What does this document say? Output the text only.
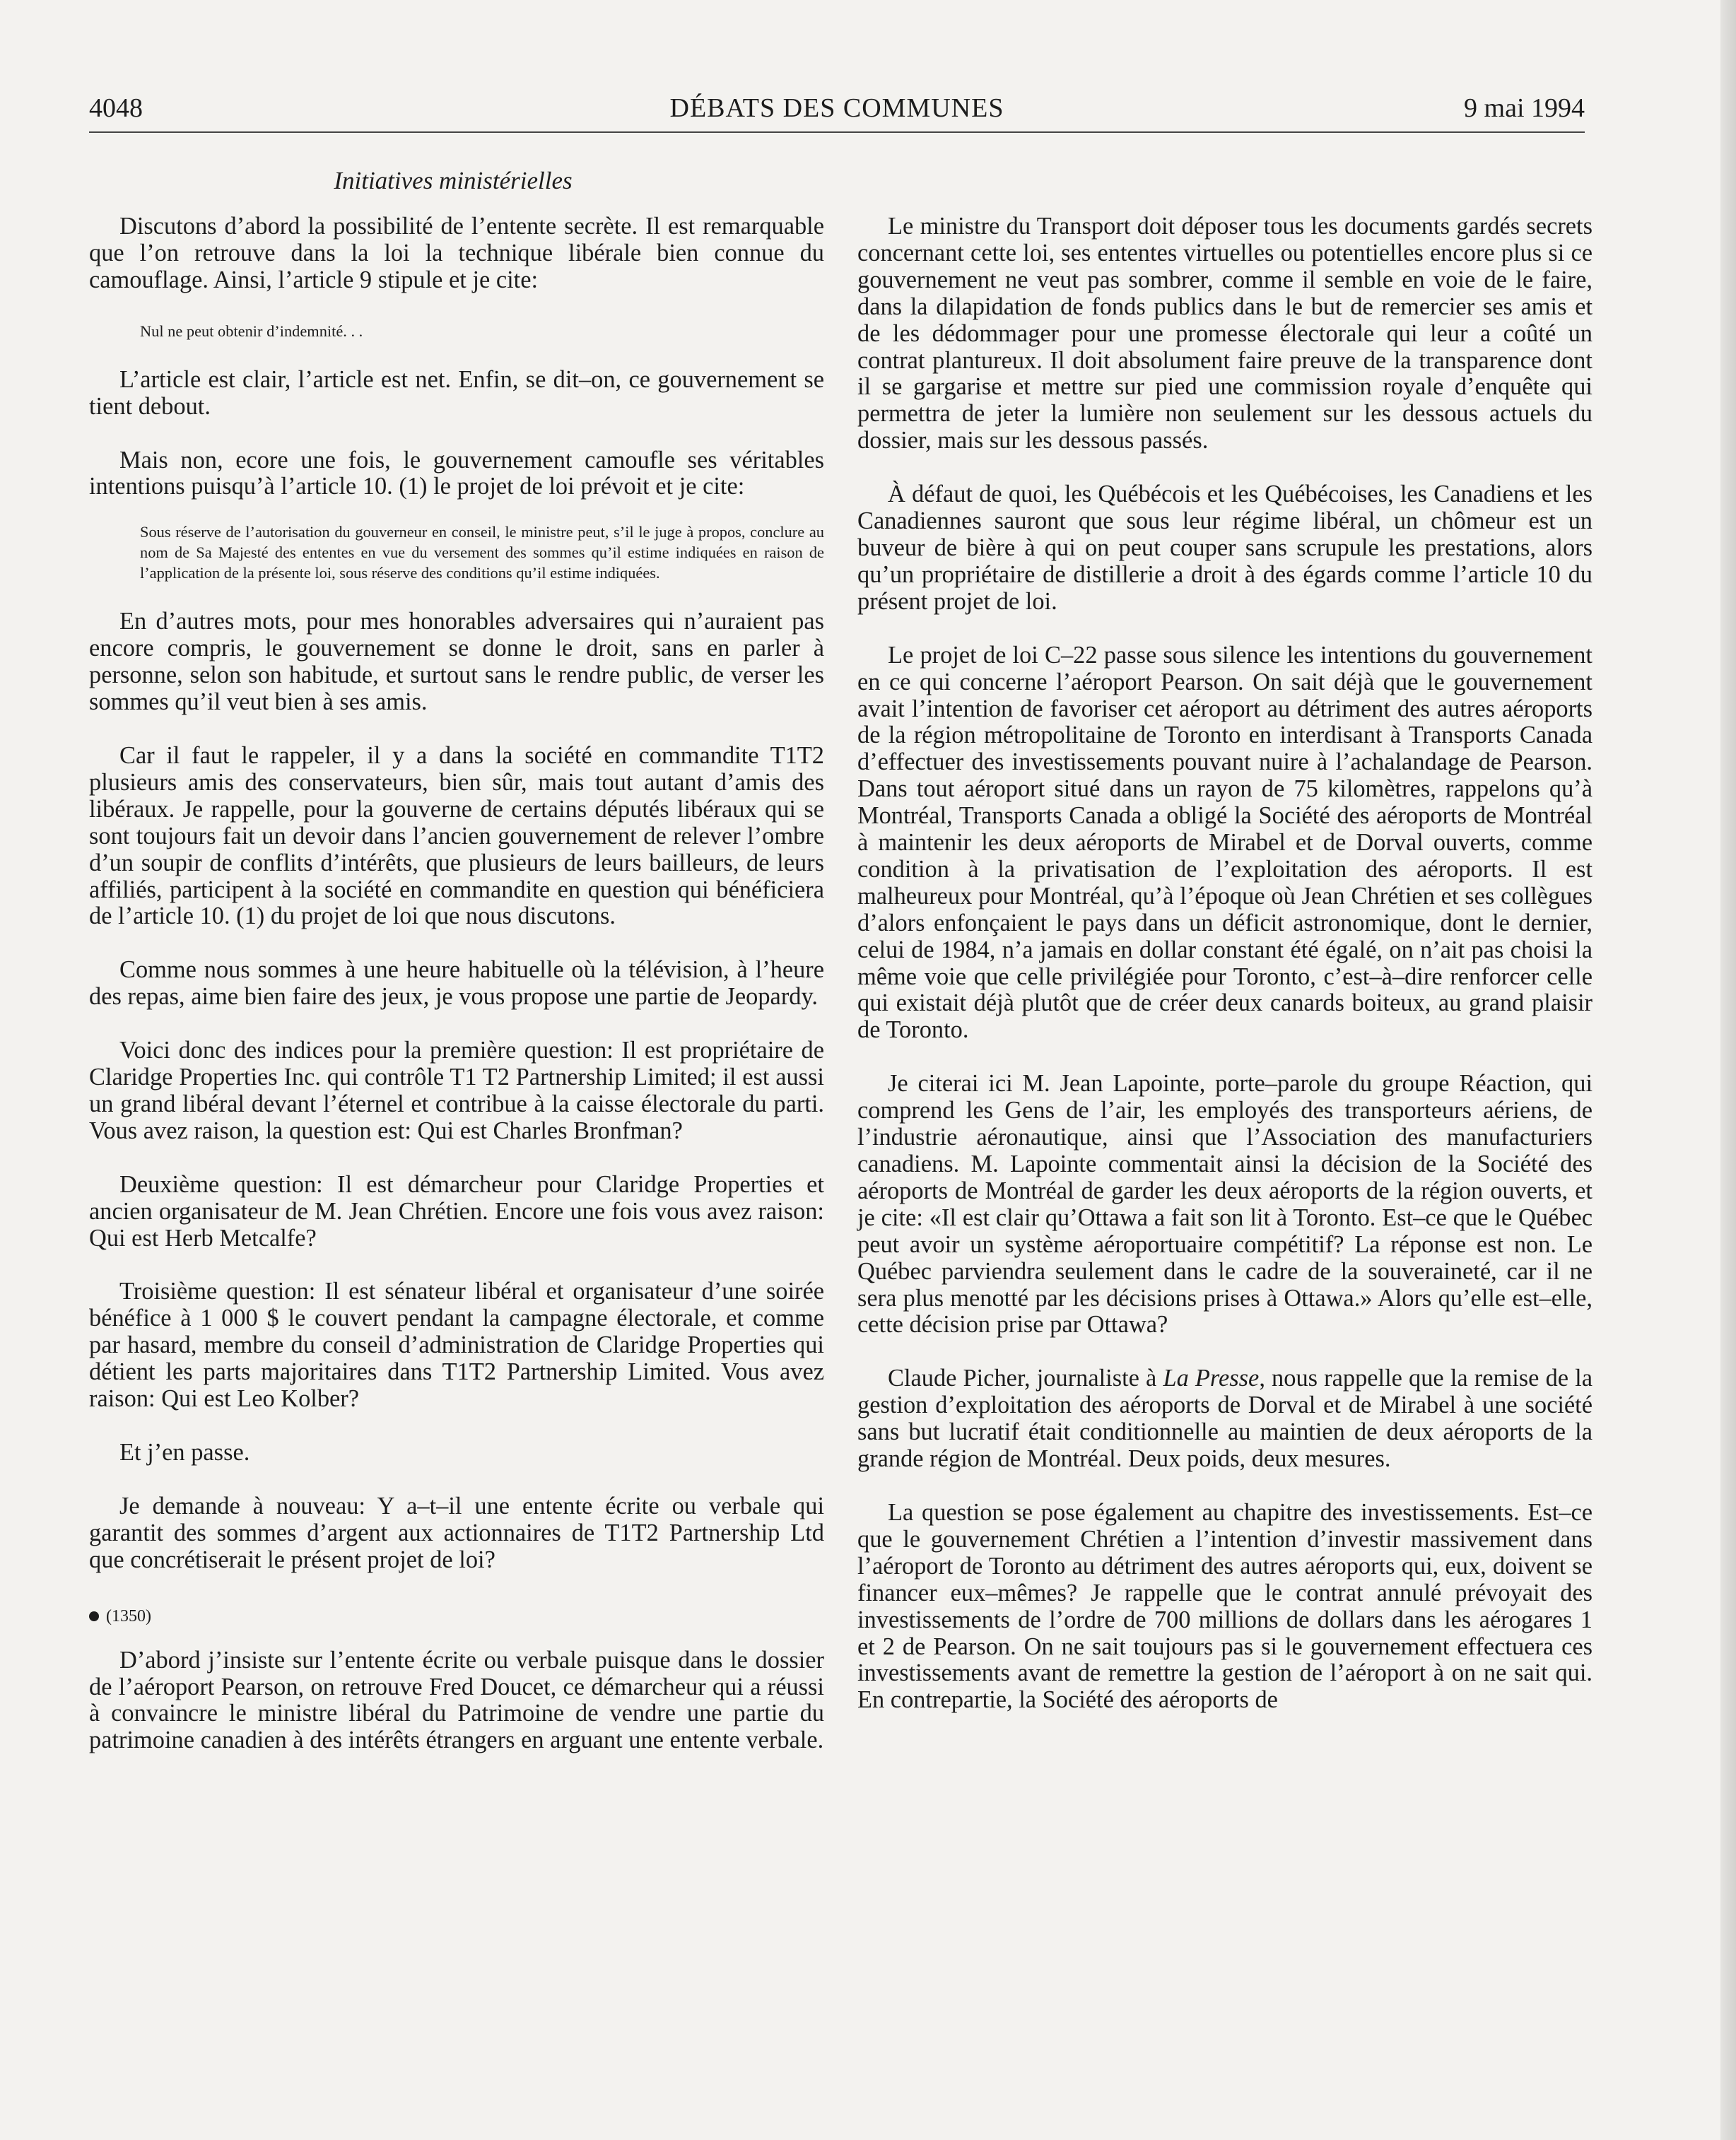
DÉBATS DES COMMUNES
4048	9 mai 1994
Initiatives ministérielles

Discutons d’abord la possibilité de l’entente secrète. Il est remarquable que l’on retrouve dans la loi la technique libérale bien connue du camouflage. Ainsi, l’article 9 stipule et je cite:

Nul ne peut obtenir d’indemnité. . .

L’article est clair, l’article est net. Enfin, se dit–on, ce gouvernement se tient debout.

Mais non, ecore une fois, le gouvernement camoufle ses véritables intentions puisqu’à l’article 10. (1) le projet de loi prévoit et je cite:

Sous réserve de l’autorisation du gouverneur en conseil, le ministre peut, s’il le juge à propos, conclure au nom de Sa Majesté des ententes en vue du versement des sommes qu’il estime indiquées en raison de l’application de la présente loi, sous réserve des conditions qu’il estime indiquées.

En d’autres mots, pour mes honorables adversaires qui n’auraient pas encore compris, le gouvernement se donne le droit, sans en parler à personne, selon son habitude, et surtout sans le rendre public, de verser les sommes qu’il veut bien à ses amis.

Car il faut le rappeler, il y a dans la société en commandite T1T2 plusieurs amis des conservateurs, bien sûr, mais tout autant d’amis des libéraux. Je rappelle, pour la gouverne de certains députés libéraux qui se sont toujours fait un devoir dans l’ancien gouvernement de relever l’ombre d’un soupir de conflits d’intérêts, que plusieurs de leurs bailleurs, de leurs affiliés, participent à la société en commandite en question qui bénéficiera de l’article 10. (1) du projet de loi que nous discutons.

Comme nous sommes à une heure habituelle où la télévision, à l’heure des repas, aime bien faire des jeux, je vous propose une partie de Jeopardy.

Voici donc des indices pour la première question: Il est propriétaire de Claridge Properties Inc. qui contrôle T1 T2 Partnership Limited; il est aussi un grand libéral devant l’éternel et contribue à la caisse électorale du parti. Vous avez raison, la question est: Qui est Charles Bronfman?

Deuxième question: Il est démarcheur pour Claridge Properties et ancien organisateur de M. Jean Chrétien. Encore une fois vous avez raison: Qui est Herb Metcalfe?

Troisième question: Il est sénateur libéral et organisateur d’une soirée bénéfice à 1 000 $ le couvert pendant la campagne électorale, et comme par hasard, membre du conseil d’administration de Claridge Properties qui détient les parts majoritaires dans T1T2 Partnership Limited. Vous avez raison: Qui est Leo Kolber?

Et j’en passe.

Je demande à nouveau: Y a–t–il une entente écrite ou verbale qui garantit des sommes d’argent aux actionnaires de T1T2 Partnership Ltd que concrétiserait le présent projet de loi?

(1350)

D’abord j’insiste sur l’entente écrite ou verbale puisque dans le dossier de l’aéroport Pearson, on retrouve Fred Doucet, ce démarcheur qui a réussi à convaincre le ministre libéral du Patrimoine de vendre une partie du patrimoine canadien à des intérêts étrangers en arguant une entente verbale.

Le ministre du Transport doit déposer tous les documents gardés secrets concernant cette loi, ses ententes virtuelles ou potentielles encore plus si ce gouvernement ne veut pas sombrer, comme il semble en voie de le faire, dans la dilapidation de fonds publics dans le but de remercier ses amis et de les dédommager pour une promesse électorale qui leur a coûté un contrat plantureux. Il doit absolument faire preuve de la transparence dont il se gargarise et mettre sur pied une commission royale d’enquête qui permettra de jeter la lumière non seulement sur les dessous actuels du dossier, mais sur les dessous passés.

À défaut de quoi, les Québécois et les Québécoises, les Canadiens et les Canadiennes sauront que sous leur régime libéral, un chômeur est un buveur de bière à qui on peut couper sans scrupule les prestations, alors qu’un propriétaire de distillerie a droit à des égards comme l’article 10 du présent projet de loi.

Le projet de loi C–22 passe sous silence les intentions du gouvernement en ce qui concerne l’aéroport Pearson. On sait déjà que le gouvernement avait l’intention de favoriser cet aéroport au détriment des autres aéroports de la région métropolitaine de Toronto en interdisant à Transports Canada d’effectuer des investissements pouvant nuire à l’achalandage de Pearson. Dans tout aéroport situé dans un rayon de 75 kilomètres, rappelons qu’à Montréal, Transports Canada a obligé la Société des aéroports de Montréal à maintenir les deux aéroports de Mirabel et de Dorval ouverts, comme condition à la privatisation de l’exploitation des aéroports. Il est malheureux pour Montréal, qu’à l’époque où Jean Chrétien et ses collègues d’alors enfonçaient le pays dans un déficit astronomique, dont le dernier, celui de 1984, n’a jamais en dollar constant été égalé, on n’ait pas choisi la même voie que celle privilégiée pour Toronto, c’est–à–dire renforcer celle qui existait déjà plutôt que de créer deux canards boiteux, au grand plaisir de Toronto.

Je citerai ici M. Jean Lapointe, porte–parole du groupe Réaction, qui comprend les Gens de l’air, les employés des transporteurs aériens, de l’industrie aéronautique, ainsi que l’Association des manufacturiers canadiens. M. Lapointe commentait ainsi la décision de la Société des aéroports de Montréal de garder les deux aéroports de la région ouverts, et je cite: «Il est clair qu’Ottawa a fait son lit à Toronto. Est–ce que le Québec peut avoir un système aéroportuaire compétitif? La réponse est non. Le Québec parviendra seulement dans le cadre de la souveraineté, car il ne sera plus menotté par les décisions prises à Ottawa.» Alors qu’elle est–elle, cette décision prise par Ottawa?

Claude Picher, journaliste à La Presse, nous rappelle que la remise de la gestion d’exploitation des aéroports de Dorval et de Mirabel à une société sans but lucratif était conditionnelle au maintien de deux aéroports de la grande région de Montréal. Deux poids, deux mesures.

La question se pose également au chapitre des investissements. Est–ce que le gouvernement Chrétien a l’intention d’investir massivement dans l’aéroport de Toronto au détriment des autres aéroports qui, eux, doivent se financer eux–mêmes? Je rappelle que le contrat annulé prévoyait des investissements de l’ordre de 700 millions de dollars dans les aérogares 1 et 2 de Pearson. On ne sait toujours pas si le gouvernement effectuera ces investissements avant de remettre la gestion de l’aéroport à on ne sait qui. En contrepartie, la Société des aéroports de
